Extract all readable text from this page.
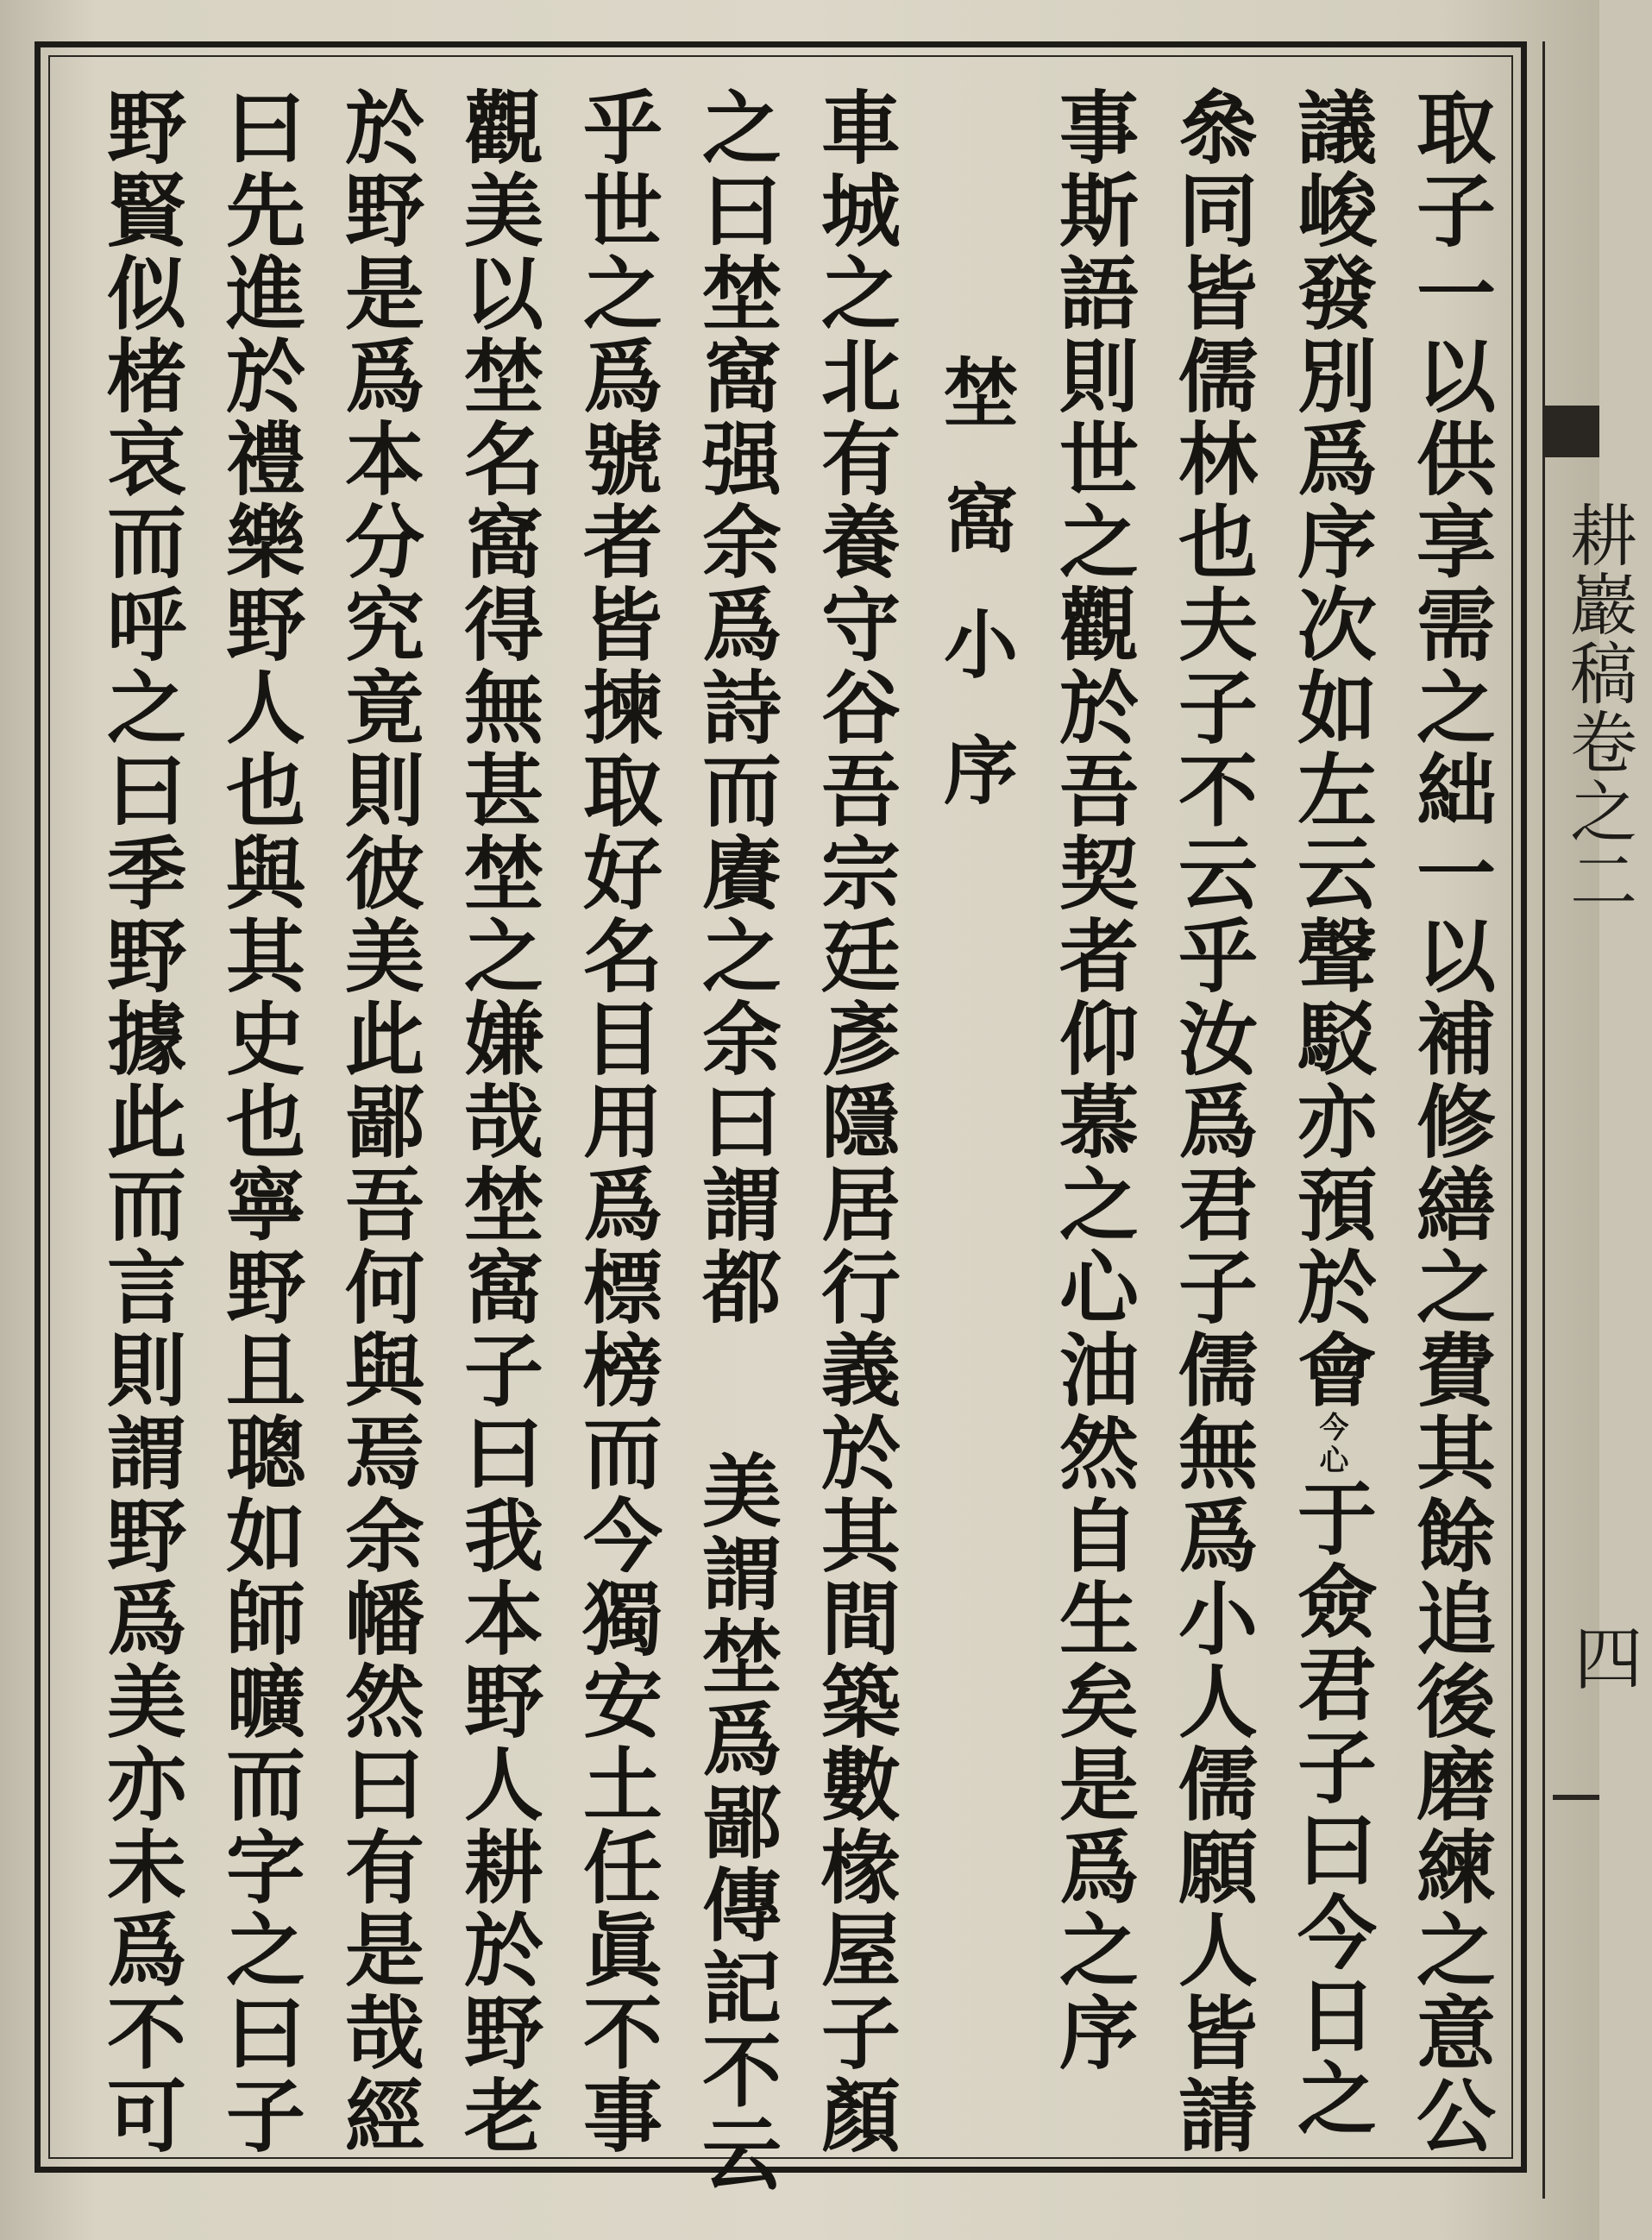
取子一以供享需之絀一以補修繕之費其餘追後磨練之意公
議峻發別爲序次如左云聲駁亦預於會今心于僉君子曰今日之
叅同皆儒林也夫子不云乎汝爲君子儒無爲小人儒願人皆請
事斯語則世之觀於吾契者仰慕之心油然自生矣是爲之序
埜窩小序
車城之北有養守谷吾宗廷彥隱居行義於其間築數椽屋子顏
之曰埜窩强余爲詩而賡之余曰謂都美謂埜爲鄙傳記不云
乎世之爲號者皆揀取好名目用爲標榜而今獨安土任眞不事
觀美以埜名窩得無甚埜之嫌哉埜窩子曰我本野人耕於野老
於野是爲本分究竟則彼美此鄙吾何與焉余幡然曰有是哉經
曰先進於禮樂野人也與其史也寧野且聰如師曠而字之曰子
野賢似楮哀而呼之曰季野據此而言則謂野爲美亦未爲不可	耕巖稿卷之二
四
